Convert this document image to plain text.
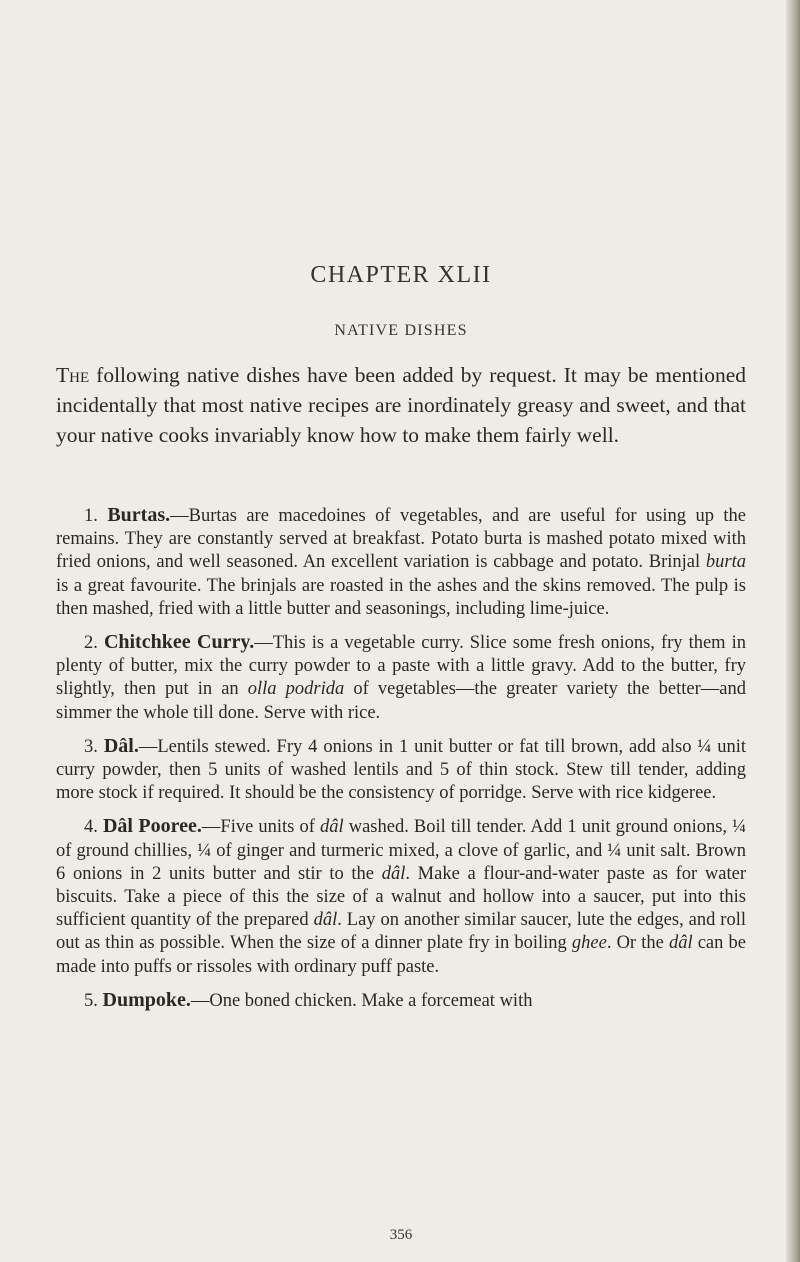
CHAPTER XLII
NATIVE DISHES
The following native dishes have been added by request. It may be mentioned incidentally that most native recipes are inordinately greasy and sweet, and that your native cooks invariably know how to make them fairly well.

1. Burtas.—Burtas are macedoines of vegetables, and are useful for using up the remains. They are constantly served at breakfast. Potato burta is mashed potato mixed with fried onions, and well seasoned. An excellent variation is cabbage and potato. Brinjal burta is a great favourite. The brinjals are roasted in the ashes and the skins removed. The pulp is then mashed, fried with a little butter and seasonings, including lime-juice.

2. Chitchkee Curry.—This is a vegetable curry. Slice some fresh onions, fry them in plenty of butter, mix the curry powder to a paste with a little gravy. Add to the butter, fry slightly, then put in an olla podrida of vegetables—the greater variety the better—and simmer the whole till done. Serve with rice.

3. Dâl.—Lentils stewed. Fry 4 onions in 1 unit butter or fat till brown, add also ¼ unit curry powder, then 5 units of washed lentils and 5 of thin stock. Stew till tender, adding more stock if required. It should be the consistency of porridge. Serve with rice kidgeree.

4. Dâl Pooree.—Five units of dâl washed. Boil till tender. Add 1 unit ground onions, ¼ of ground chillies, ¼ of ginger and turmeric mixed, a clove of garlic, and ¼ unit salt. Brown 6 onions in 2 units butter and stir to the dâl. Make a flour-and-water paste as for water biscuits. Take a piece of this the size of a walnut and hollow into a saucer, put into this sufficient quantity of the prepared dâl. Lay on another similar saucer, lute the edges, and roll out as thin as possible. When the size of a dinner plate fry in boiling ghee. Or the dâl can be made into puffs or rissoles with ordinary puff paste.

5. Dumpoke.—One boned chicken. Make a forcemeat with

356
